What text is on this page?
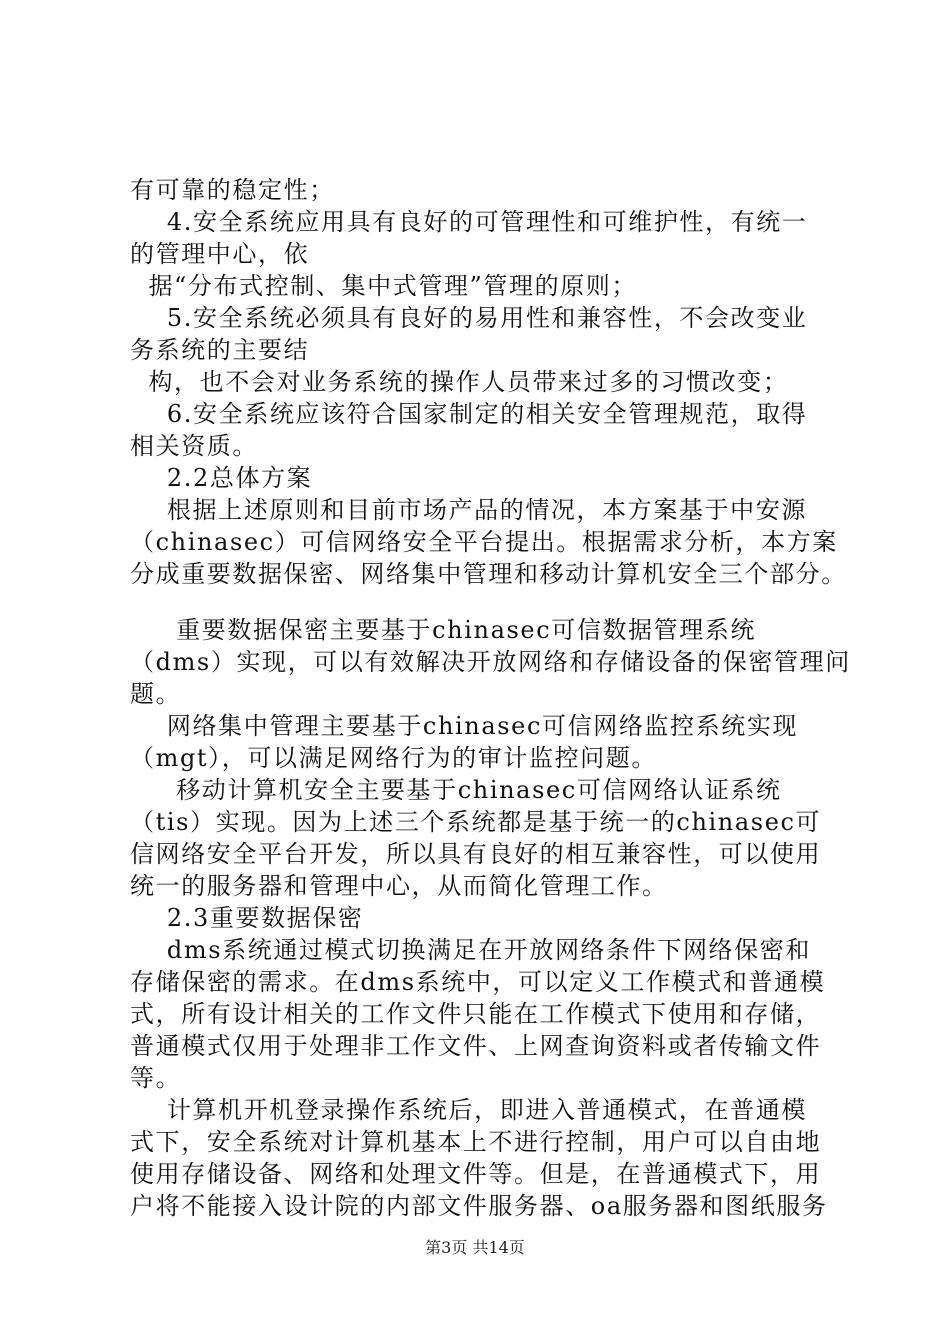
有可靠的稳定性；
4.安全系统应用具有良好的可管理性和可维护性，有统一
的管理中心，依
据“分布式控制、集中式管理”管理的原则；
5.安全系统必须具有良好的易用性和兼容性，不会改变业
务系统的主要结
构，也不会对业务系统的操作人员带来过多的习惯改变；
6.安全系统应该符合国家制定的相关安全管理规范，取得
相关资质。
2.2总体方案
根据上述原则和目前市场产品的情况，本方案基于中安源
（chinasec）可信网络安全平台提出。根据需求分析，本方案
分成重要数据保密、网络集中管理和移动计算机安全三个部分。
重要数据保密主要基于chinasec可信数据管理系统
（dms）实现，可以有效解决开放网络和存储设备的保密管理问
题。
网络集中管理主要基于chinasec可信网络监控系统实现
（mgt），可以满足网络行为的审计监控问题。
移动计算机安全主要基于chinasec可信网络认证系统
（tis）实现。因为上述三个系统都是基于统一的chinasec可
信网络安全平台开发，所以具有良好的相互兼容性，可以使用
统一的服务器和管理中心，从而简化管理工作。
2.3重要数据保密
dms系统通过模式切换满足在开放网络条件下网络保密和
存储保密的需求。在dms系统中，可以定义工作模式和普通模
式，所有设计相关的工作文件只能在工作模式下使用和存储，
普通模式仅用于处理非工作文件、上网查询资料或者传输文件
等。
计算机开机登录操作系统后，即进入普通模式，在普通模
式下，安全系统对计算机基本上不进行控制，用户可以自由地
使用存储设备、网络和处理文件等。但是，在普通模式下，用
户将不能接入设计院的内部文件服务器、oa服务器和图纸服务
第3页 共14页
